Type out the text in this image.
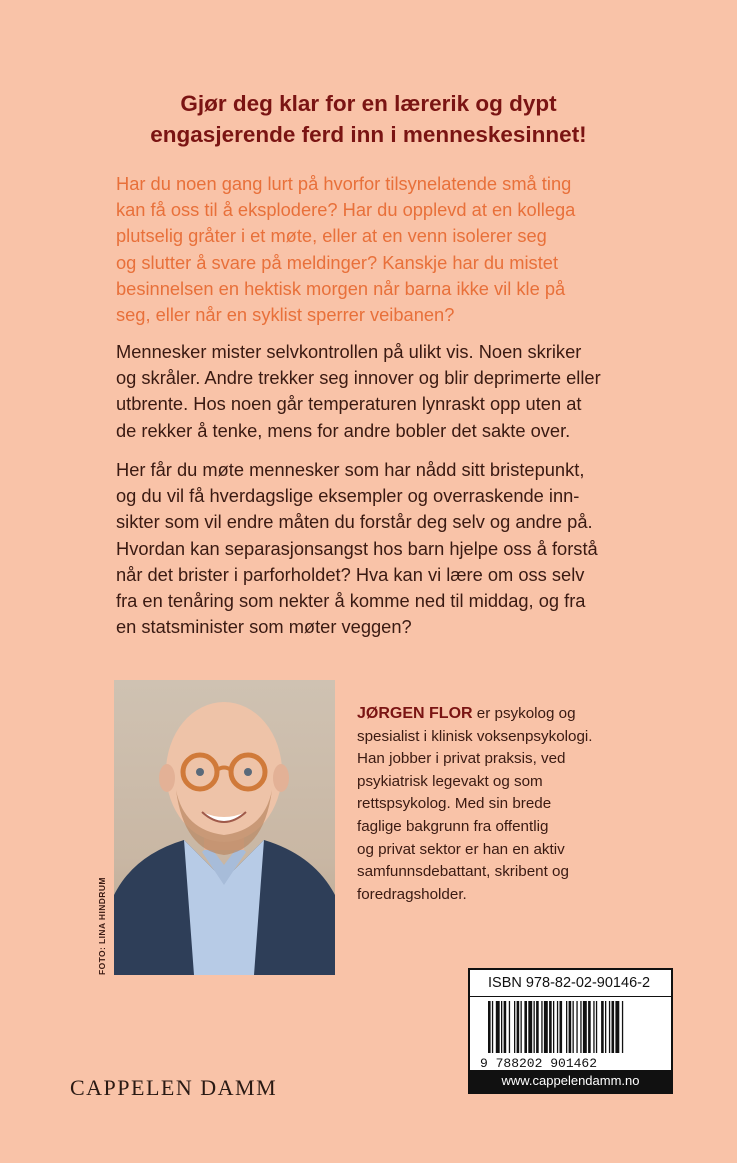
Gjør deg klar for en lærerik og dypt
engasjerende ferd inn i menneskesinnet!
Har du noen gang lurt på hvorfor tilsynelatende små ting
kan få oss til å eksplodere? Har du opplevd at en kollega
plutselig gråter i et møte, eller at en venn isolerer seg
og slutter å svare på meldinger? Kanskje har du mistet
besinnelsen en hektisk morgen når barna ikke vil kle på
seg, eller når en syklist sperrer veibanen?
Mennesker mister selvkontrollen på ulikt vis. Noen skriker
og skråler. Andre trekker seg innover og blir deprimerte eller
utbrente. Hos noen går temperaturen lynraskt opp uten at
de rekker å tenke, mens for andre bobler det sakte over.
Her får du møte mennesker som har nådd sitt bristepunkt,
og du vil få hverdagslige eksempler og overraskende inn-
sikter som vil endre måten du forstår deg selv og andre på.
Hvordan kan separasjonsangst hos barn hjelpe oss å forstå
når det brister i parforholdet? Hva kan vi lære om oss selv
fra en tenåring som nekter å komme ned til middag, og fra
en statsminister som møter veggen?
FOTO: LINA HINDRUM
JØRGEN FLOR er psykolog og
spesialist i klinisk voksenpsykologi.
Han jobber i privat praksis, ved
psykiatrisk legevakt og som
rettspsykolog. Med sin brede
faglige bakgrunn fra offentlig
og privat sektor er han en aktiv
samfunnsdebattant, skribent og
foredragsholder.
ISBN 978-82-02-90146-2
9 788202 901462
www.cappelendamm.no
CAPPELEN DAMM
